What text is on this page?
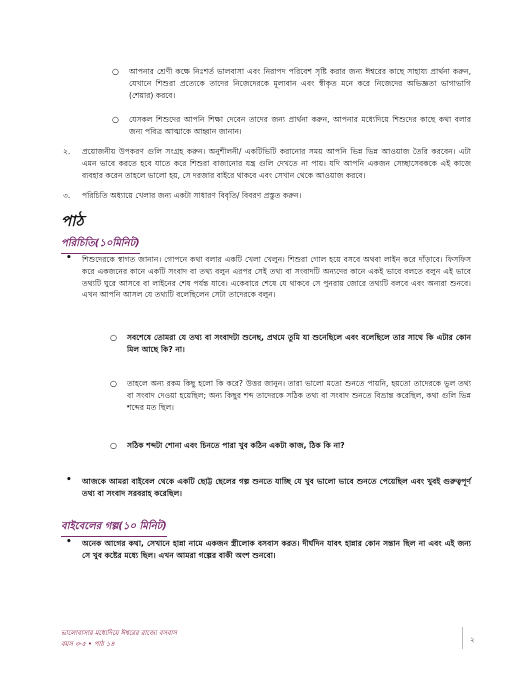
○ আপনার শ্রেণী কক্ষে নিঃশর্ত ভালবাসা এবং নিরাপদ পরিবেশ সৃষ্টি করার জন্য ঈশ্বরের কাছে সাহায্য প্রার্থনা করুন, যেখানে শিশুরা প্রত্যেকে তাদের নিজেদেরকে মূল্যবান এবং স্বীকৃত মনে করে নিজেদের অভিজ্ঞতা ভাগাভাগি (শেয়ার) করবে।
○ যেসকল শিশুদের আপনি শিক্ষা দেবেন তাদের জন্য প্রার্থনা করুন, আপনার মধ্যেদিয়ে শিশুদের কাছে কথা বলার জন্য পবিত্র আত্মাকে আহ্বান জানান।
২. প্রয়োজনীয় উপকরণ গুলি সংগ্রহ করুন। অনুশীলনী/ একটিভিটি করানোর সময় আপনি ভিন্ন ভিন্ন আওয়াজ তৈরি করবেন। এটা এমন ভাবে করতে হবে যাতে করে শিশুরা বাজানোর যন্ত্র গুলি দেখতে না পায়। যদি আপনি একজন সেচ্ছাসেবককে এই কাজে ব্যবহার করেন তাহলে ভালো হয়, সে দরজার বাইরে থাকবে এবং সেখান থেকে আওয়াজ করবে।
৩. পরিচিতি অধ্যায়ে খেলার জন্য একটা সাধারণ বিবৃতি/ বিবরণ প্রস্তুত করুন।
পাঠ
পরিচিতি(১০মিনিট)
• শিশুদেরকে স্বাগত জানান। গোপনে কথা বলার একটি খেলা খেলুন। শিশুরা গোল হয়ে বসবে অথবা লাইন করে দাঁড়াবে। ফিসফিস করে একজনের কানে একটি সংবাদ বা তথ্য বলুন এরপর সেই তথ্য বা সংবাদটি অন্যদের কানে একই ভাবে বলতে বলুন এই ভাবে তথ্যটি ঘুরে আসবে বা লাইনের শেষ পর্যন্ত যাবে। একেবারে শেষে যে থাকবে সে পুনরায় জোরে তথ্যটি বলবে এবং অন্যরা শুনবে। এখন আপনি আসল যে তথ্যটি বলেছিলেন সেটা তাদেরকে বলুন।
○ সবশেষে তোমরা যে তথ্য বা সংবাদটা শুনেছ, প্রথমে তুমি যা শুনেছিলে এবং বলেছিলে তার সাথে কি এটার কোন মিল আছে কি? না।
○ তাহলে অন্য রকম কিছু হলো কি করে? উত্তর জানুন। তারা ভালো মতো শুনতে পায়নি, হয়তো তাদেরকে ভুল তথ্য বা সংবাদ দেওয়া হয়েছিল; অন্য কিছুর শব্দ তাদেরকে সঠিক তথ্য বা সংবাদ শুনতে বিভ্রান্ত করেছিল, কথা গুলি ভিন্ন শব্দের মত ছিল।
○ সঠিক শব্দটা শোনা এবং চিনতে পারা খুব কঠিন একটা কাজ, ঠিক কি না?
• আজকে আমরা বাইবেল থেকে একটি ছোট্ট ছেলের গল্প শুনতে যাচ্ছি যে খুব ভালো ভাবে শুনতে পেয়েছিল এবং খুবই গুরুত্বপূর্ণ তথ্য বা সংবাদ সরবরাহ করেছিল।
বাইবেলের গল্প(১০ মিনিট)
• অনেক আগের কথা, সেখানে হান্না নামে একজন স্ত্রীলোক বসবাস করত। দীর্ঘদিন যাবৎ হান্নার কোন সন্তান ছিল না এবং এই জন্য সে খুব কষ্টের মধ্যে ছিল। এখন আমরা গল্পের বাকী অংশ শুনবো।
ভালোবাসার মধ্যেদিয়ে ঈশ্বরের রাজ্যে বসবাস
বয়স ৩-৫ • পাঠ ১৪	২
